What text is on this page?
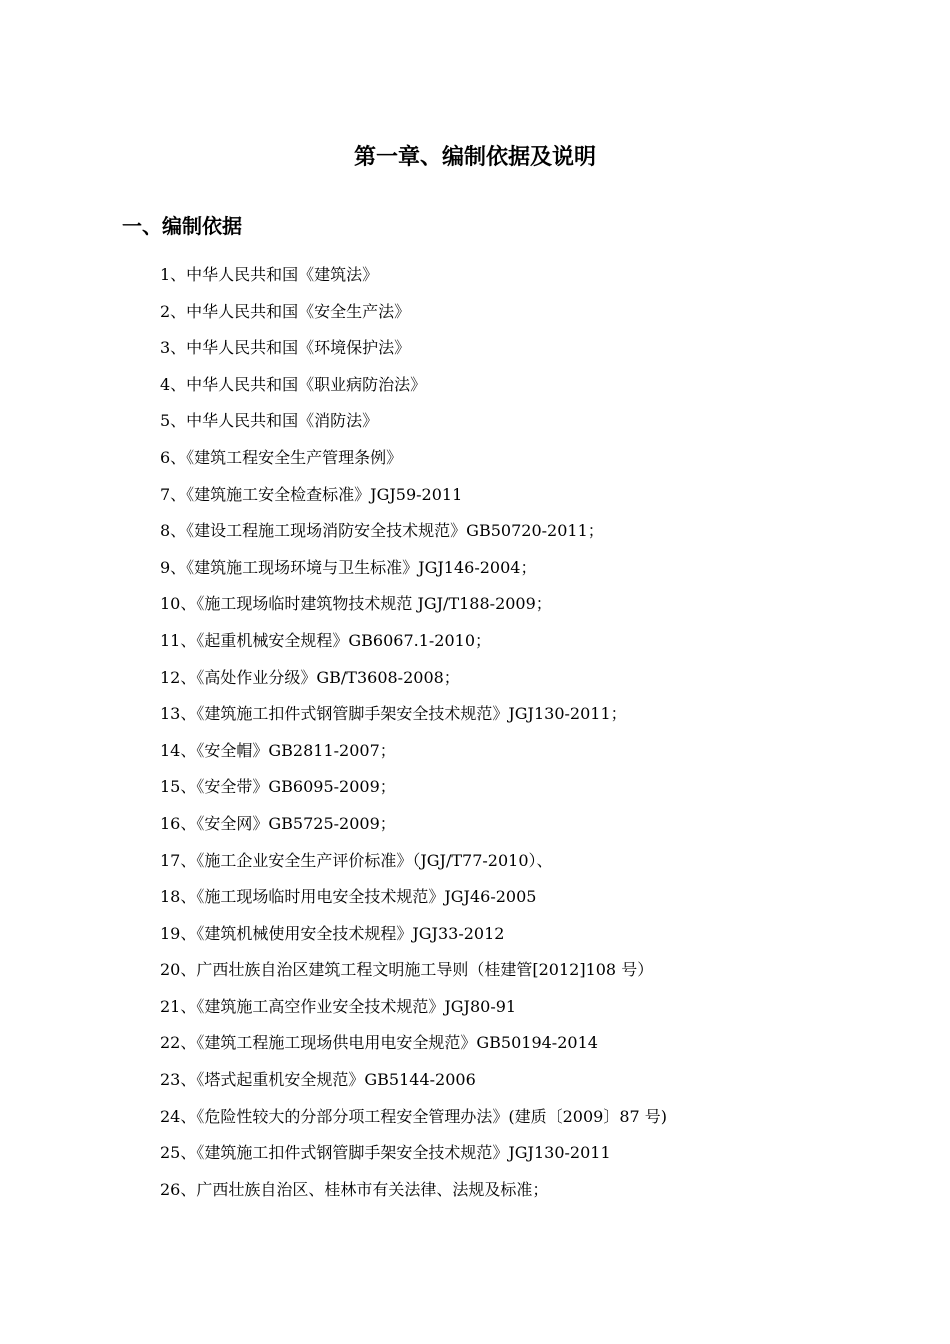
第一章、编制依据及说明
一、编制依据
1、中华人民共和国《建筑法》
2、中华人民共和国《安全生产法》
3、中华人民共和国《环境保护法》
4、中华人民共和国《职业病防治法》
5、中华人民共和国《消防法》
6、《建筑工程安全生产管理条例》
7、《建筑施工安全检查标准》JGJ59-2011
8、《建设工程施工现场消防安全技术规范》GB50720-2011；
9、《建筑施工现场环境与卫生标准》JGJ146-2004；
10、《施工现场临时建筑物技术规范 JGJ/T188-2009；
11、《起重机械安全规程》GB6067.1-2010；
12、《高处作业分级》GB/T3608-2008；
13、《建筑施工扣件式钢管脚手架安全技术规范》JGJ130-2011；
14、《安全帽》GB2811-2007；
15、《安全带》GB6095-2009；
16、《安全网》GB5725-2009；
17、《施工企业安全生产评价标准》（JGJ/T77-2010）、
18、《施工现场临时用电安全技术规范》JGJ46-2005
19、《建筑机械使用安全技术规程》JGJ33-2012
20、广西壮族自治区建筑工程文明施工导则（桂建管[2012]108 号）
21、《建筑施工高空作业安全技术规范》JGJ80-91
22、《建筑工程施工现场供电用电安全规范》GB50194-2014
23、《塔式起重机安全规范》GB5144-2006
24、《危险性较大的分部分项工程安全管理办法》(建质〔2009〕87 号)
25、《建筑施工扣件式钢管脚手架安全技术规范》JGJ130-2011
26、广西壮族自治区、桂林市有关法律、法规及标准；
